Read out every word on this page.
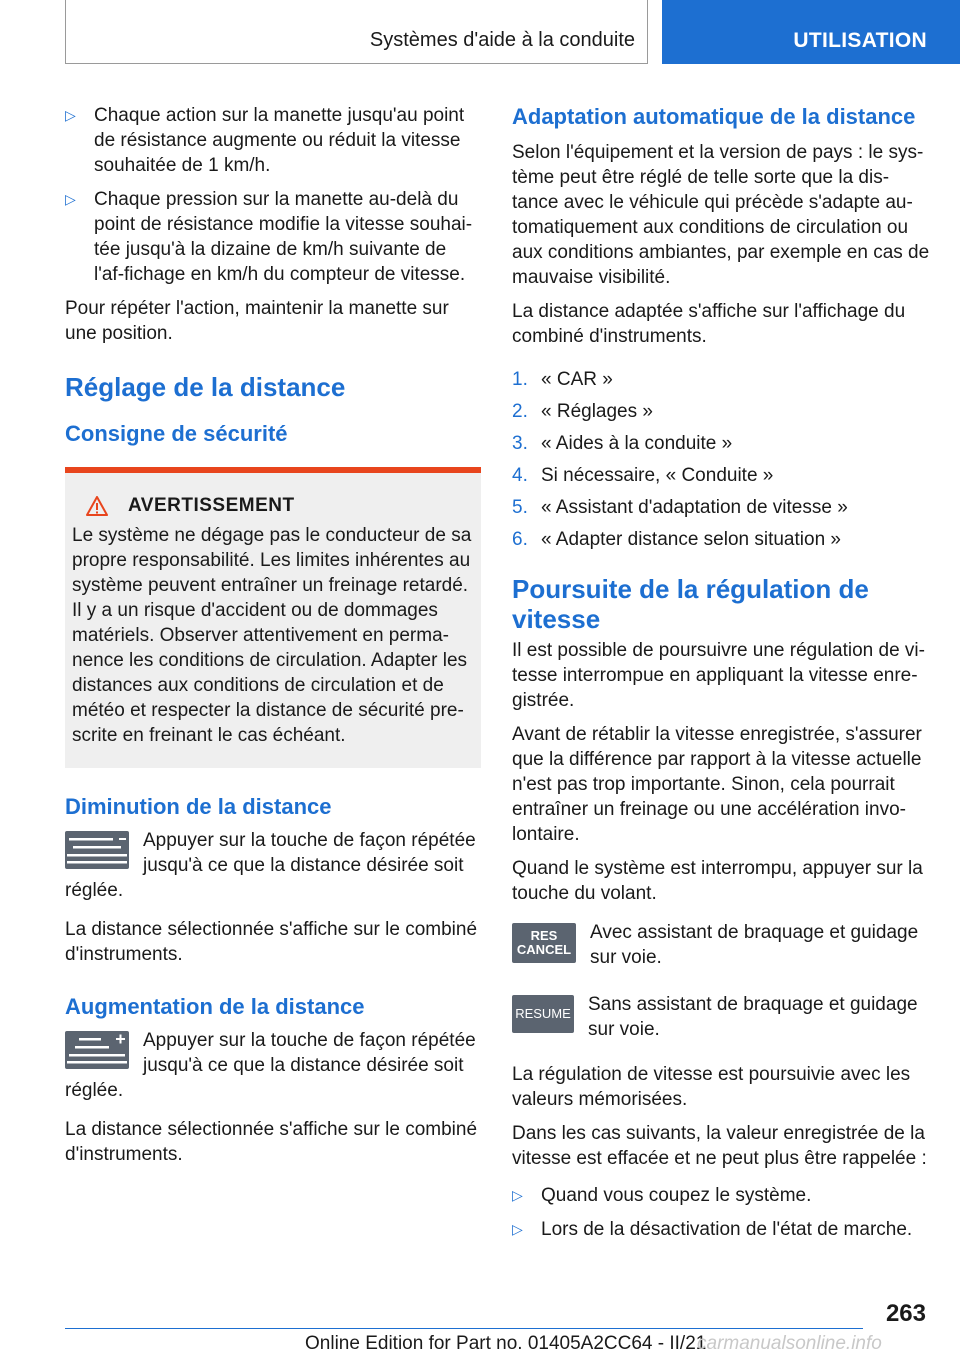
Systèmes d'aide à la conduite	UTILISATION

▷ Chaque action sur la manette jusqu'au point de résistance augmente ou réduit la vitesse souhaitée de 1 km/h.

▷ Chaque pression sur la manette au-delà du point de résistance modifie la vitesse souhai-tée jusqu'à la dizaine de km/h suivante de l'af-fichage en km/h du compteur de vitesse.

Pour répéter l'action, maintenir la manette sur une position.

Réglage de la distance
Consigne de sécurité
AVERTISSEMENT

Le système ne dégage pas le conducteur de sa propre responsabilité. Les limites inhérentes au système peuvent entraîner un freinage retardé. Il y a un risque d'accident ou de dommages matériels. Observer attentivement en perma-nence les conditions de circulation. Adapter les distances aux conditions de circulation et de météo et respecter la distance de sécurité pre-scrite en freinant le cas échéant.

Diminution de la distance

Appuyer sur la touche de façon répétée jusqu'à ce que la distance désirée soit réglée.

La distance sélectionnée s'affiche sur le combiné d'instruments.

Augmentation de la distance

Appuyer sur la touche de façon répétée jusqu'à ce que la distance désirée soit réglée.

La distance sélectionnée s'affiche sur le combiné d'instruments.

Adaptation automatique de la distance

Selon l'équipement et la version de pays : le sys-tème peut être réglé de telle sorte que la dis-tance avec le véhicule qui précède s'adapte au-tomatiquement aux conditions de circulation ou aux conditions ambiantes, par exemple en cas de mauvaise visibilité.

La distance adaptée s'affiche sur l'affichage du combiné d'instruments.

1. « CAR »
2. « Réglages »
3. « Aides à la conduite »
4. Si nécessaire, « Conduite »
5. « Assistant d'adaptation de vitesse »
6. « Adapter distance selon situation »
Poursuite de la régulation de vitesse

Il est possible de poursuivre une régulation de vi-tesse interrompue en appliquant la vitesse enre-gistrée.

Avant de rétablir la vitesse enregistrée, s'assurer que la différence par rapport à la vitesse actuelle n'est pas trop importante. Sinon, cela pourrait entraîner un freinage ou une accélération invo-lontaire.

Quand le système est interrompu, appuyer sur la touche du volant.

RES
CANCEL

Avec assistant de braquage et guidage sur voie.

RESUME Sans assistant de braquage et guidage sur voie.

La régulation de vitesse est poursuivie avec les valeurs mémorisées.

Dans les cas suivants, la valeur enregistrée de la vitesse est effacée et ne peut plus être rappelée :

▷ Quand vous coupez le système.

▷ Lors de la désactivation de l'état de marche.

263
Online Edition for Part no. 01405A2CC64 - II/21
carmanualsonline.info
